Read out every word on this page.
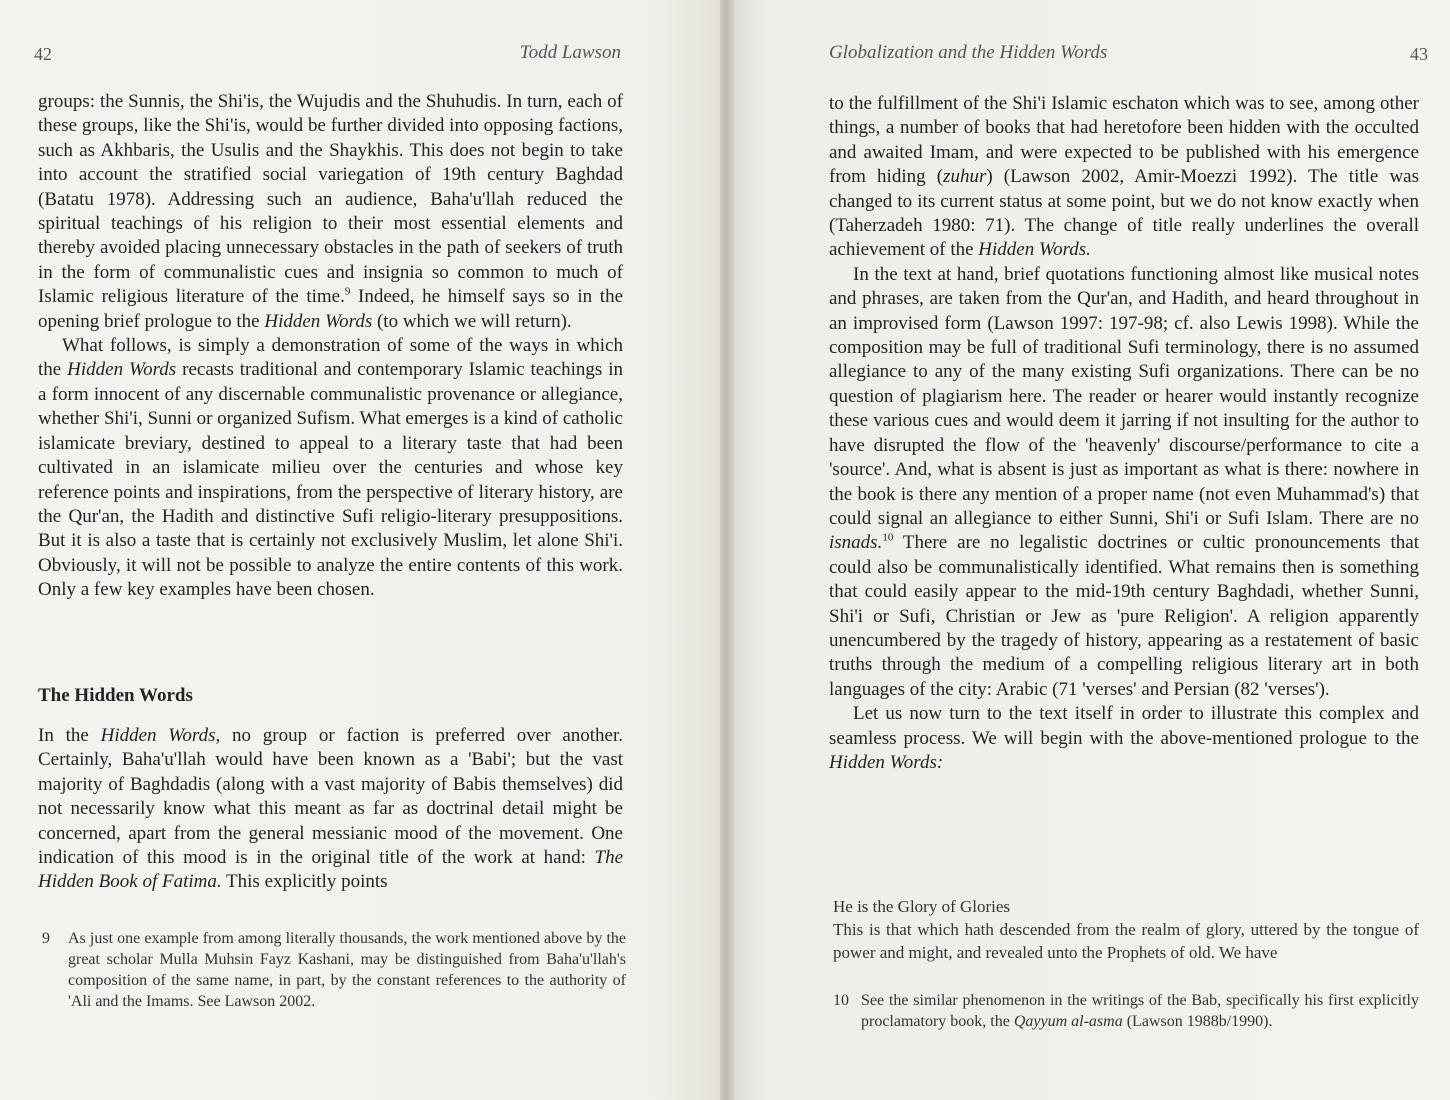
42	Todd Lawson

groups: the Sunnis, the Shi'is, the Wujudis and the Shuhudis. In turn, each of these groups, like the Shi'is, would be further divided into opposing factions, such as Akhbaris, the Usulis and the Shaykhis. This does not begin to take into account the stratified social variegation of 19th century Baghdad (Batatu 1978). Addressing such an audience, Baha'u'llah reduced the spiritual teachings of his religion to their most essential elements and thereby avoided placing unnecessary obstacles in the path of seekers of truth in the form of communalistic cues and insignia so common to much of Islamic religious literature of the time.$^9$ Indeed, he himself says so in the opening brief prologue to the Hidden Words (to which we will return).

What follows, is simply a demonstration of some of the ways in which the Hidden Words recasts traditional and contemporary Islamic teachings in a form innocent of any discernable communalistic provenance or allegiance, whether Shi'i, Sunni or organized Sufism. What emerges is a kind of catholic islamicate breviary, destined to appeal to a literary taste that had been cultivated in an islamicate milieu over the centuries and whose key reference points and inspirations, from the perspective of literary history, are the Qur'an, the Hadith and distinctive Sufi religio-literary presuppositions. But it is also a taste that is certainly not exclusively Muslim, let alone Shi'i. Obviously, it will not be possible to analyze the entire contents of this work. Only a few key examples have been chosen.

The Hidden Words

In the Hidden Words, no group or faction is preferred over another. Certainly, Baha'u'llah would have been known as a 'Babi'; but the vast majority of Baghdadis (along with a vast majority of Babis themselves) did not necessarily know what this meant as far as doctrinal detail might be concerned, apart from the general messianic mood of the movement. One indication of this mood is in the original title of the work at hand: The Hidden Book of Fatima. This explicitly points

9 As just one example from among literally thousands, the work mentioned above by the great scholar Mulla Muhsin Fayz Kashani, may be distinguished from Baha'u'llah's composition of the same name, in part, by the constant references to the authority of 'Ali and the Imams. See Lawson 2002.
Globalization and the Hidden Words	43

to the fulfillment of the Shi'i Islamic eschaton which was to see, among other things, a number of books that had heretofore been hidden with the occulted and awaited Imam, and were expected to be published with his emergence from hiding (zuhur) (Lawson 2002, Amir-Moezzi 1992). The title was changed to its current status at some point, but we do not know exactly when (Taherzadeh 1980: 71). The change of title really underlines the overall achievement of the Hidden Words.

In the text at hand, brief quotations functioning almost like musical notes and phrases, are taken from the Qur'an, and Hadith, and heard throughout in an improvised form (Lawson 1997: 197-98; cf. also Lewis 1998). While the composition may be full of traditional Sufi terminology, there is no assumed allegiance to any of the many existing Sufi organizations. There can be no question of plagiarism here. The reader or hearer would instantly recognize these various cues and would deem it jarring if not insulting for the author to have disrupted the flow of the 'heavenly' discourse/performance to cite a 'source'. And, what is absent is just as important as what is there: nowhere in the book is there any mention of a proper name (not even Muhammad's) that could signal an allegiance to either Sunni, Shi'i or Sufi Islam. There are no isnads.$^{10}$ There are no legalistic doctrines or cultic pronouncements that could also be communalistically identified. What remains then is something that could easily appear to the mid-19th century Baghdadi, whether Sunni, Shi'i or Sufi, Christian or Jew as 'pure Religion'. A religion apparently unencumbered by the tragedy of history, appearing as a restatement of basic truths through the medium of a compelling religious literary art in both languages of the city: Arabic (71 'verses' and Persian (82 'verses').

Let us now turn to the text itself in order to illustrate this complex and seamless process. We will begin with the above-mentioned prologue to the Hidden Words:

He is the Glory of Glories

This is that which hath descended from the realm of glory, uttered by the tongue of power and might, and revealed unto the Prophets of old. We have

10 See the similar phenomenon in the writings of the Bab, specifically his first explicitly proclamatory book, the Qayyum al-asma (Lawson 1988b/1990).
